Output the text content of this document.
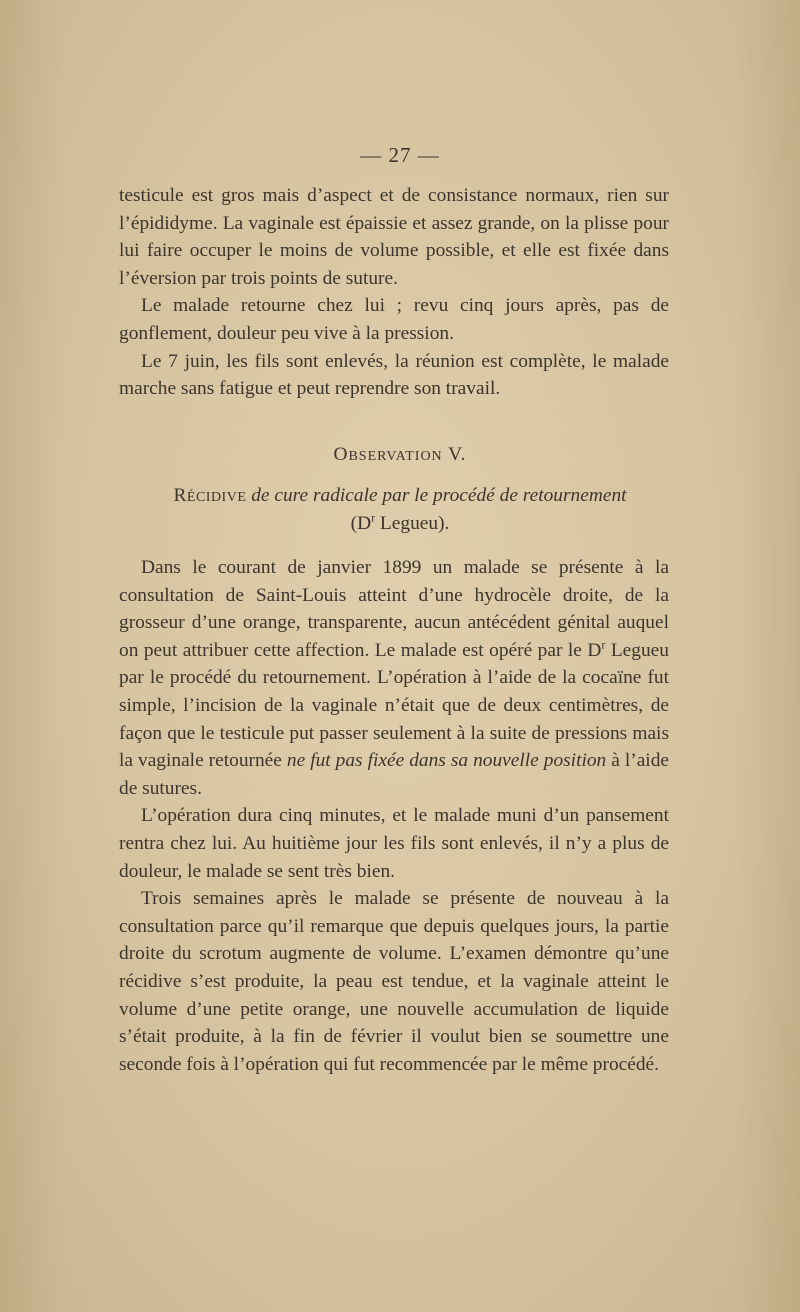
— 27 —

testicule est gros mais d’aspect et de consistance normaux, rien sur l’épididyme. La vaginale est épaissie et assez grande, on la plisse pour lui faire occuper le moins de volume possible, et elle est fixée dans l’éversion par trois points de suture.

Le malade retourne chez lui ; revu cinq jours après, pas de gonflement, douleur peu vive à la pression.

Le 7 juin, les fils sont enlevés, la réunion est complète, le malade marche sans fatigue et peut reprendre son travail.

Observation V.
Récidive de cure radicale par le procédé de retournement
($D^r$ Legueu).

Dans le courant de janvier 1899 un malade se présente à la consultation de Saint-Louis atteint d’une hydrocèle droite, de la grosseur d’une orange, transparente, aucun antécédent génital auquel on peut attribuer cette affection. Le malade est opéré par le $D^r$ Legueu par le procédé du retournement. L’opération à l’aide de la cocaïne fut simple, l’incision de la vaginale n’était que de deux centimètres, de façon que le testicule put passer seulement à la suite de pressions mais la vaginale retournée ne fut pas fixée dans sa nouvelle position à l’aide de sutures.

L’opération dura cinq minutes, et le malade muni d’un pansement rentra chez lui. Au huitième jour les fils sont enlevés, il n’y a plus de douleur, le malade se sent très bien.

Trois semaines après le malade se présente de nouveau à la consultation parce qu’il remarque que depuis quelques jours, la partie droite du scrotum augmente de volume. L’examen démontre qu’une récidive s’est produite, la peau est tendue, et la vaginale atteint le volume d’une petite orange, une nouvelle accumulation de liquide s’était produite, à la fin de février il voulut bien se soumettre une seconde fois à l’opération qui fut recommencée par le même procédé.
